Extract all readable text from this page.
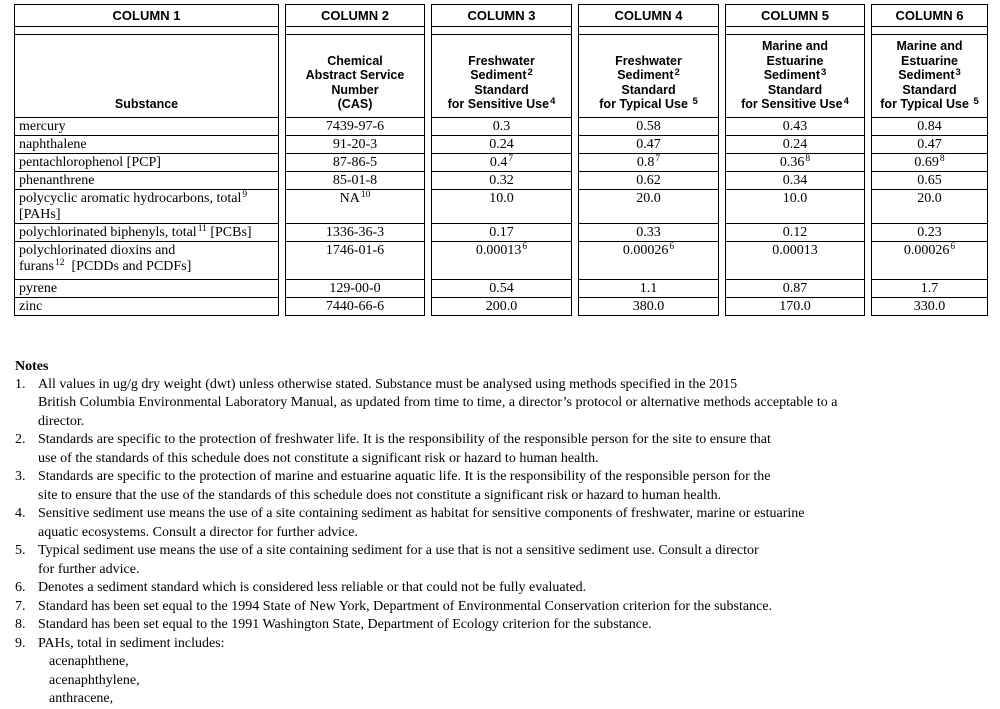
COLUMN 1	COLUMN 2	COLUMN 3	COLUMN 4	COLUMN 5	COLUMN 6

Substance

Chemical
Abstract Service
Number
(CAS)

Freshwater
Sediment$^2$
Standard
for Sensitive Use$^4$

Freshwater
Sediment$^2$
Standard
for Typical Use $^5$

Marine and
Estuarine
Sediment$^3$
Standard
for Sensitive Use$^4$

Marine and
Estuarine
Sediment$^3$
Standard
for Typical Use $^5$

mercury	7439-97-6	0.3	0.58	0.43	0.84
naphthalene	91-20-3	0.24	0.47	0.24	0.47
pentachlorophenol [PCP]	87-86-5	$0.4^7$	$0.8^7$	0.36$^8$	0.69$^8$
phenanthrene	85-01-8	0.32	0.62	0.34	0.65
polycyclic aromatic hydrocarbons, total$^9$
[PAHs]	NA$^{10}$	10.0	20.0	10.0	20.0
polychlorinated biphenyls, total$^{11}$ [PCBs]	1336-36-3	0.17	0.33	0.12	0.23
polychlorinated dioxins and
furans$^{12}$  [PCDDs and PCDFs]	1746-01-6	0.00013$^6$	0.00026$^6$	0.00013	0.00026$^6$
pyrene	129-00-0	0.54	1.1	0.87	1.7
zinc	7440-66-6	200.0	380.0	170.0	330.0
Notes
1. All values in ug/g dry weight (dwt) unless otherwise stated. Substance must be analysed using methods specified in the 2015
British Columbia Environmental Laboratory Manual, as updated from time to time, a director’s protocol or alternative methods acceptable to a
director.
2. Standards are specific to the protection of freshwater life. It is the responsibility of the responsible person for the site to ensure that
use of the standards of this schedule does not constitute a significant risk or hazard to human health.
3. Standards are specific to the protection of marine and estuarine aquatic life. It is the responsibility of the responsible person for the
site to ensure that the use of the standards of this schedule does not constitute a significant risk or hazard to human health.
4. Sensitive sediment use means the use of a site containing sediment as habitat for sensitive components of freshwater, marine or estuarine
aquatic ecosystems. Consult a director for further advice.
5. Typical sediment use means the use of a site containing sediment for a use that is not a sensitive sediment use. Consult a director
for further advice.
6. Denotes a sediment standard which is considered less reliable or that could not be fully evaluated.
7. Standard has been set equal to the 1994 State of New York, Department of Environmental Conservation criterion for the substance.
8. Standard has been set equal to the 1991 Washington State, Department of Ecology criterion for the substance.
9. PAHs, total in sediment includes:
acenaphthene,
acenaphthylene,
anthracene,
